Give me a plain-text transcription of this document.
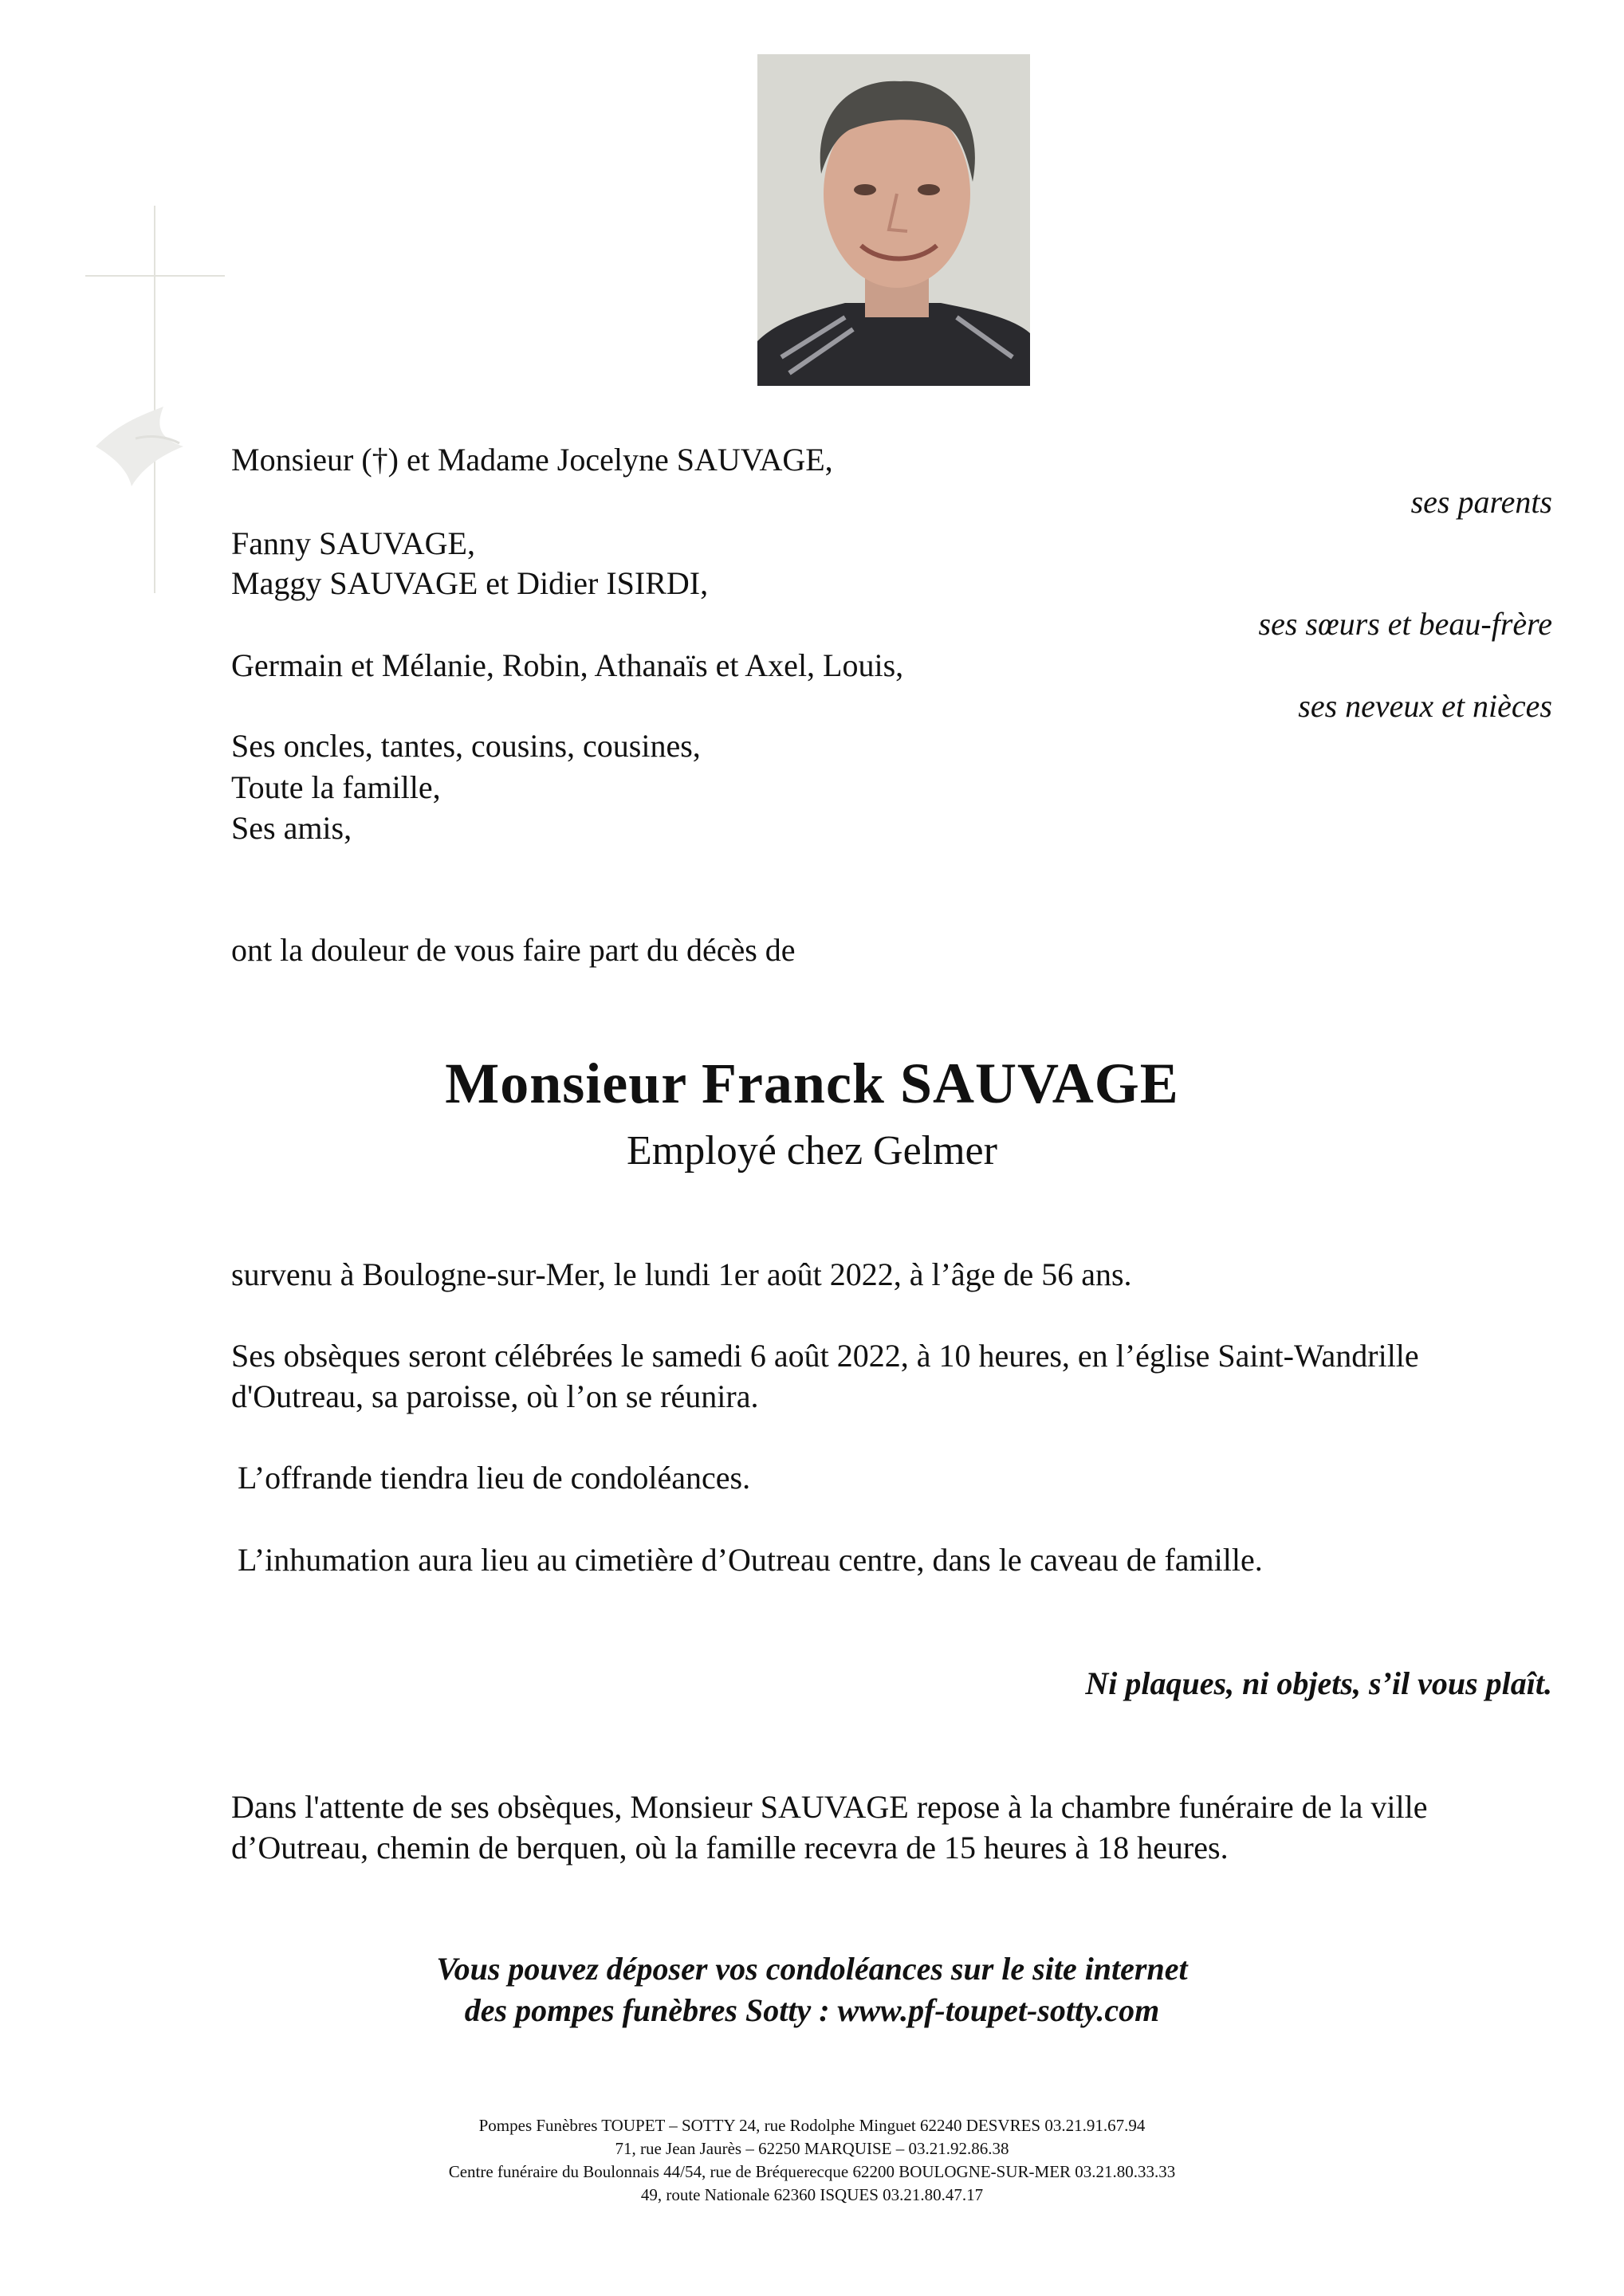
Monsieur (†) et Madame Jocelyne SAUVAGE,
Fanny SAUVAGE,
Maggy SAUVAGE et Didier ISIRDI,
Germain et Mélanie, Robin, Athanaïs et Axel, Louis,
Ses oncles, tantes, cousins, cousines,
Toute la famille,
Ses amis,
ses parents
ses sœurs et beau-frère
ses neveux et nièces
ont la douleur de vous faire part du décès de
Monsieur Franck SAUVAGE
Employé chez Gelmer
survenu à Boulogne-sur-Mer, le lundi 1er août 2022, à l’âge de 56 ans.
Ses obsèques seront célébrées le samedi 6 août 2022, à 10 heures, en l’église Saint-Wandrille
d'Outreau, sa paroisse, où l’on se réunira.
L’offrande tiendra lieu de condoléances.
L’inhumation aura lieu au cimetière d’Outreau centre, dans le caveau de famille.
Ni plaques, ni objets, s’il vous plaît.
Dans l'attente de ses obsèques, Monsieur SAUVAGE repose à la chambre funéraire de la ville
d’Outreau, chemin de berquen, où la famille recevra de 15 heures à 18 heures.
Vous pouvez déposer vos condoléances sur le site internet
des pompes funèbres Sotty : www.pf-toupet-sotty.com
Pompes Funèbres TOUPET – SOTTY 24, rue Rodolphe Minguet 62240 DESVRES 03.21.91.67.94
71, rue Jean Jaurès – 62250 MARQUISE – 03.21.92.86.38
Centre funéraire du Boulonnais 44/54, rue de Bréquerecque 62200 BOULOGNE-SUR-MER 03.21.80.33.33
49, route Nationale 62360 ISQUES 03.21.80.47.17
